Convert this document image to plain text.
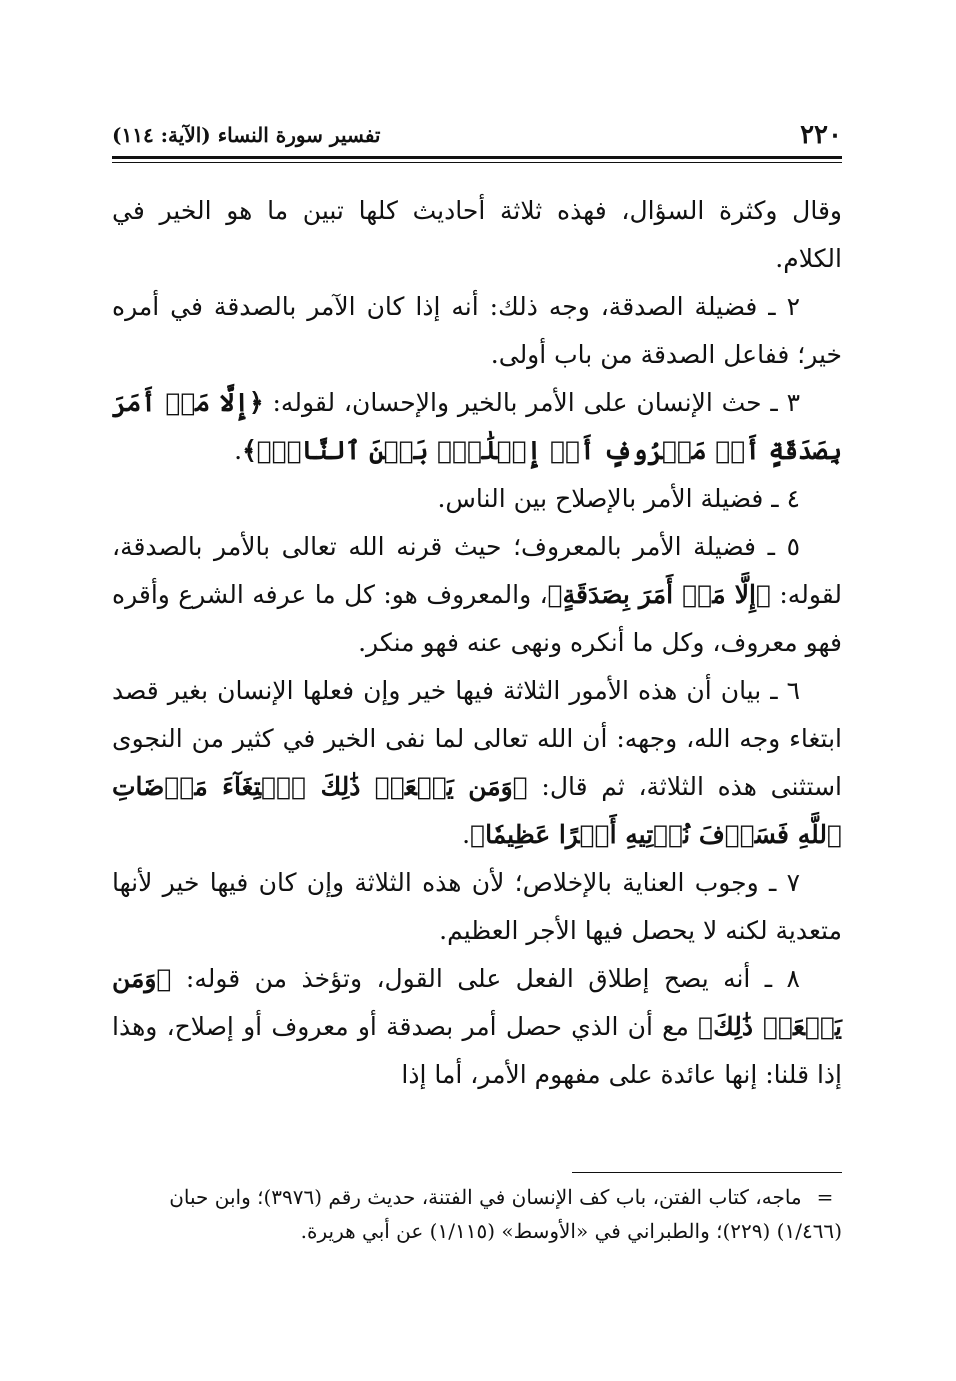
٢٢٠
تفسير سورة النساء (الآية: ١١٤)

وقال وكثرة السؤال، فهذه ثلاثة أحاديث كلها تبين ما هو الخير في الكلام.

٢ ـ فضيلة الصدقة، وجه ذلك: أنه إذا كان الآمر بالصدقة في أمره خير؛ ففاعل الصدقة من باب أولى.

٣ ـ حث الإنسان على الأمر بالخير والإحسان، لقوله: ﴿إِلَّا مَنۡ أَمَرَ بِصَدَقَةٍ أَوۡ مَعۡرُوفٍ أَوۡ إِصۡلَٰحِۭ بَيۡنَ ٱلنَّاسِۚ﴾.

٤ ـ فضيلة الأمر بالإصلاح بين الناس.

٥ ـ فضيلة الأمر بالمعروف؛ حيث قرنه الله تعالى بالأمر بالصدقة، لقوله: ﴿إِلَّا مَنۡ أَمَرَ بِصَدَقَةٍ﴾، والمعروف هو: كل ما عرفه الشرع وأقره فهو معروف، وكل ما أنكره ونهى عنه فهو منكر.

٦ ـ بيان أن هذه الأمور الثلاثة فيها خير وإن فعلها الإنسان بغير قصد ابتغاء وجه الله، وجهه: أن الله تعالى لما نفى الخير في كثير من النجوى استثنى هذه الثلاثة، ثم قال: ﴿وَمَن يَفۡعَلۡ ذَٰلِكَ ٱبۡتِغَآءَ مَرۡضَاتِ ٱللَّهِ فَسَوۡفَ نُؤۡتِيهِ أَجۡرًا عَظِيمٗا﴾.

٧ ـ وجوب العناية بالإخلاص؛ لأن هذه الثلاثة وإن كان فيها خير لأنها متعدية لكنه لا يحصل فيها الأجر العظيم.

٨ ـ أنه يصح إطلاق الفعل على القول، وتؤخذ من قوله: ﴿وَمَن يَفۡعَلۡ ذَٰلِكَ﴾ مع أن الذي حصل أمر بصدقة أو معروف أو إصلاح، وهذا إذا قلنا: إنها عائدة على مفهوم الأمر، أما إذا

= ماجه، كتاب الفتن، باب كف الإنسان في الفتنة، حديث رقم (٣٩٧٦)؛ وابن حبان (١/٤٦٦) (٢٢٩)؛ والطبراني في «الأوسط» (١/١١٥) عن أبي هريرة.
